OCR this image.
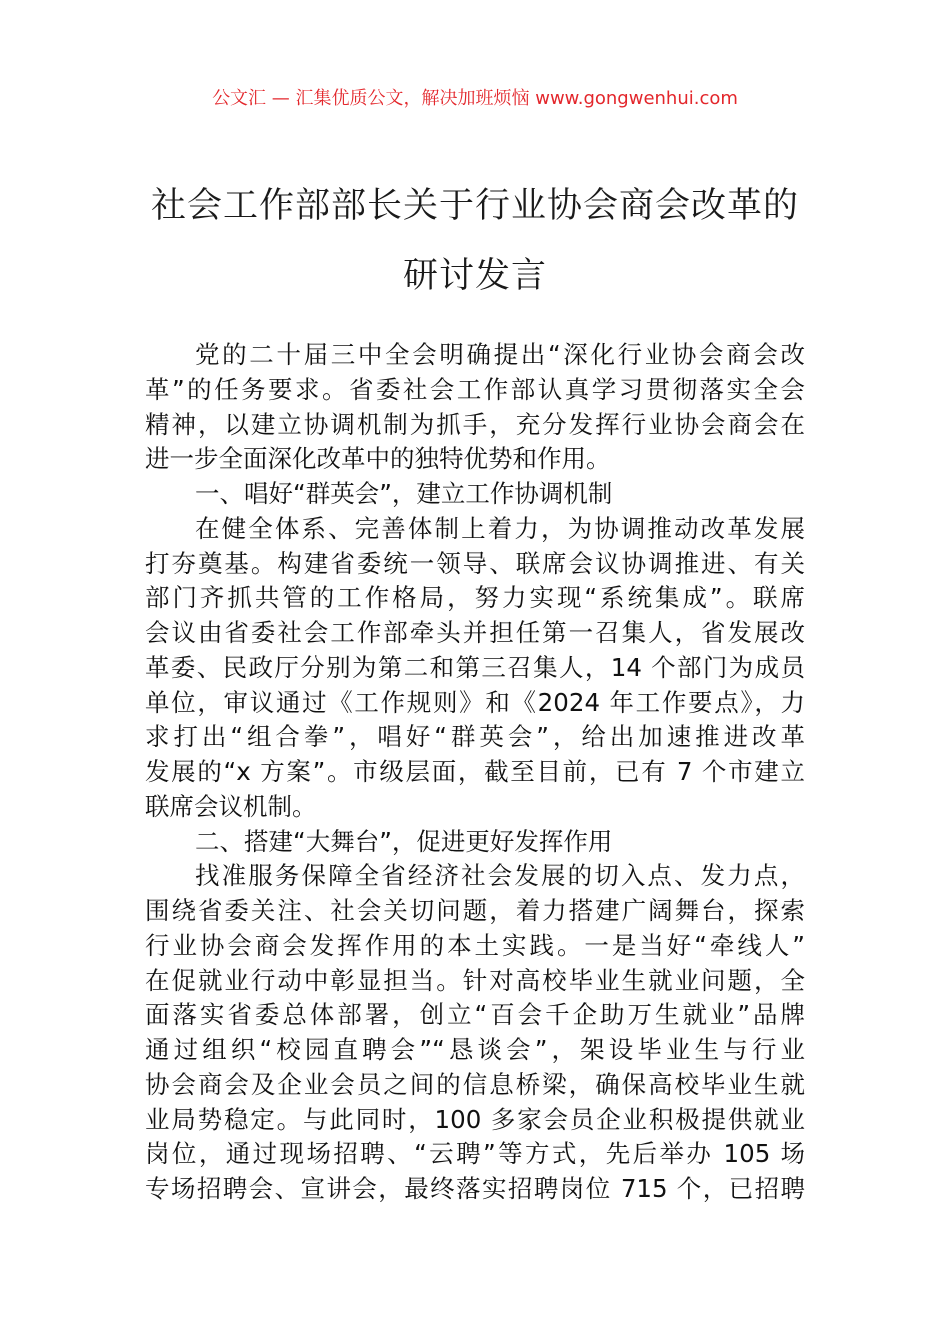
公文汇 — 汇集优质公文，解决加班烦恼 www.gongwenhui.com
社会工作部部长关于行业协会商会改革的
研讨发言
党的二十届三中全会明确提出“深化行业协会商会改
革”的任务要求。省委社会工作部认真学习贯彻落实全会
精神，以建立协调机制为抓手，充分发挥行业协会商会在
进一步全面深化改革中的独特优势和作用。
一、唱好“群英会”，建立工作协调机制
在健全体系、完善体制上着力，为协调推动改革发展
打夯奠基。构建省委统一领导、联席会议协调推进、有关
部门齐抓共管的工作格局，努力实现“系统集成”。联席
会议由省委社会工作部牵头并担任第一召集人，省发展改
革委、民政厅分别为第二和第三召集人，14 个部门为成员
单位，审议通过《工作规则》和《2024 年工作要点》，力
求打出“组合拳”，唱好“群英会”，给出加速推进改革
发展的“x 方案”。市级层面，截至目前，已有 7 个市建立
联席会议机制。
二、搭建“大舞台”，促进更好发挥作用
找准服务保障全省经济社会发展的切入点、发力点，
围绕省委关注、社会关切问题，着力搭建广阔舞台，探索
行业协会商会发挥作用的本土实践。一是当好“牵线人”
在促就业行动中彰显担当。针对高校毕业生就业问题，全
面落实省委总体部署，创立“百会千企助万生就业”品牌
通过组织“校园直聘会”“恳谈会”，架设毕业生与行业
协会商会及企业会员之间的信息桥梁，确保高校毕业生就
业局势稳定。与此同时，100 多家会员企业积极提供就业
岗位，通过现场招聘、“云聘”等方式，先后举办 105 场
专场招聘会、宣讲会，最终落实招聘岗位 715 个，已招聘
